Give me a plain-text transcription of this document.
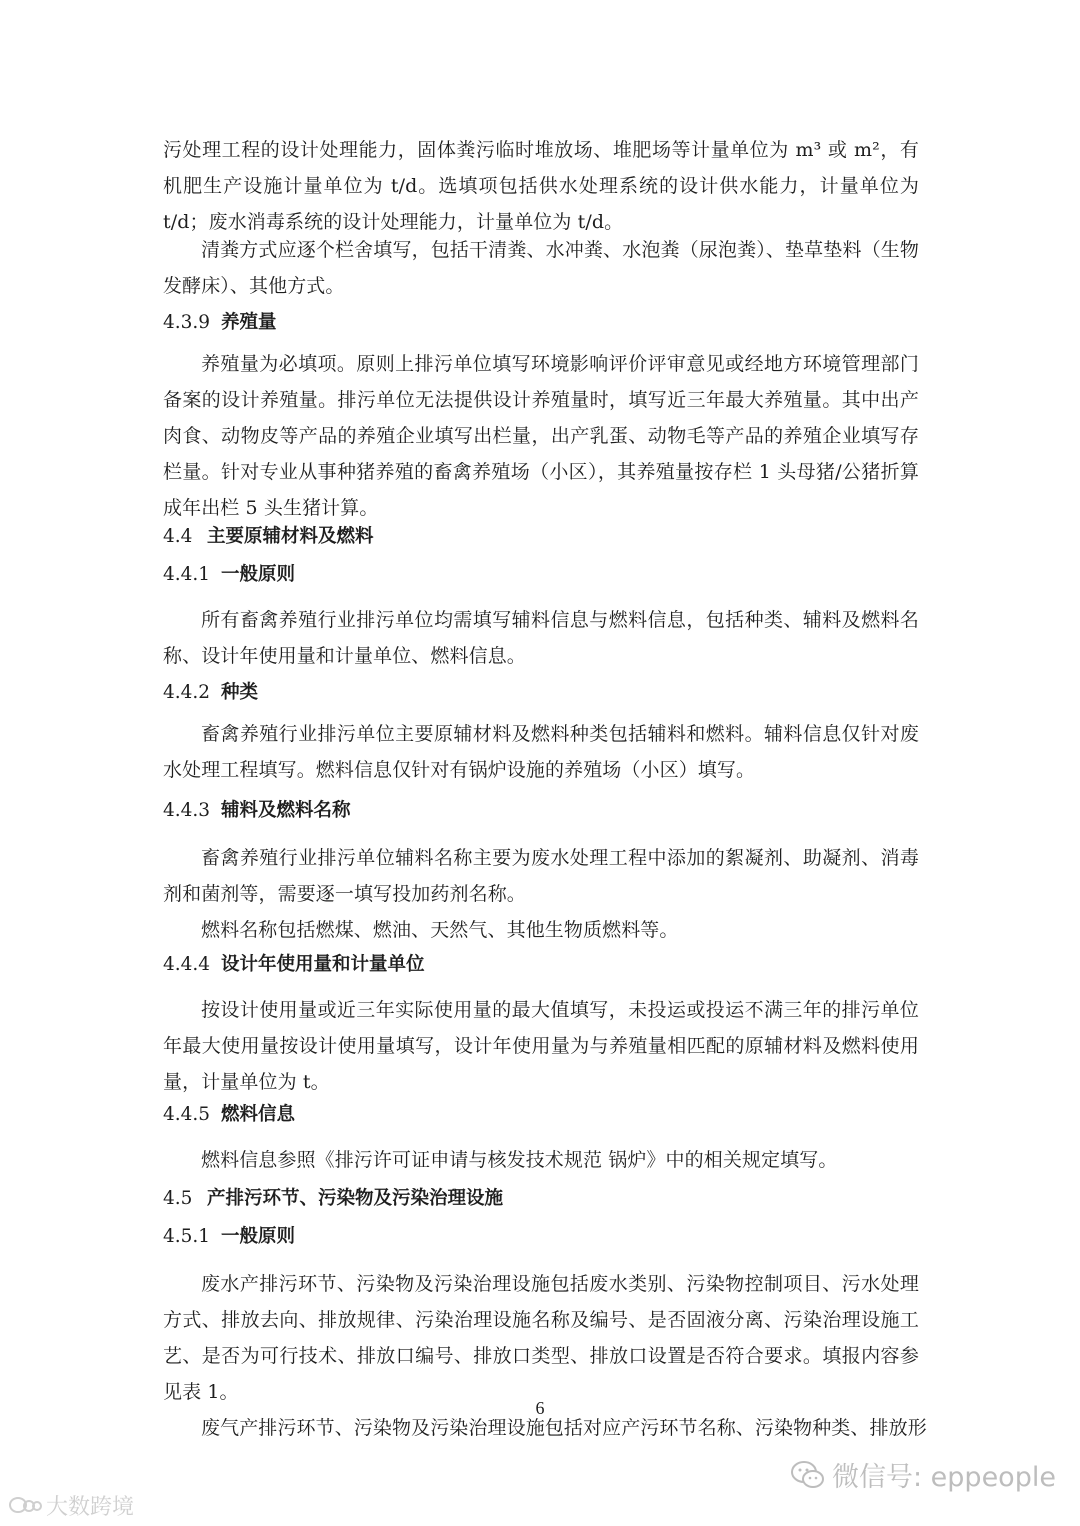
污处理工程的设计处理能力，固体粪污临时堆放场、堆肥场等计量单位为 m³ 或 m²，有机肥生产设施计量单位为 t/d。选填项包括供水处理系统的设计供水能力，计量单位为 t/d；废水消毒系统的设计处理能力，计量单位为 t/d。

清粪方式应逐个栏舍填写，包括干清粪、水冲粪、水泡粪（尿泡粪）、垫草垫料（生物发酵床）、其他方式。

4.3.9 养殖量

养殖量为必填项。原则上排污单位填写环境影响评价评审意见或经地方环境管理部门备案的设计养殖量。排污单位无法提供设计养殖量时，填写近三年最大养殖量。其中出产肉食、动物皮等产品的养殖企业填写出栏量，出产乳蛋、动物毛等产品的养殖企业填写存栏量。针对专业从事种猪养殖的畜禽养殖场（小区），其养殖量按存栏 1 头母猪/公猪折算成年出栏 5 头生猪计算。

4.4 主要原辅材料及燃料

4.4.1 一般原则

所有畜禽养殖行业排污单位均需填写辅料信息与燃料信息，包括种类、辅料及燃料名称、设计年使用量和计量单位、燃料信息。

4.4.2 种类

畜禽养殖行业排污单位主要原辅材料及燃料种类包括辅料和燃料。辅料信息仅针对废水处理工程填写。燃料信息仅针对有锅炉设施的养殖场（小区）填写。

4.4.3 辅料及燃料名称

畜禽养殖行业排污单位辅料名称主要为废水处理工程中添加的絮凝剂、助凝剂、消毒剂和菌剂等，需要逐一填写投加药剂名称。

燃料名称包括燃煤、燃油、天然气、其他生物质燃料等。

4.4.4 设计年使用量和计量单位

按设计使用量或近三年实际使用量的最大值填写，未投运或投运不满三年的排污单位年最大使用量按设计使用量填写，设计年使用量为与养殖量相匹配的原辅材料及燃料使用量，计量单位为 t。

4.4.5 燃料信息

燃料信息参照《排污许可证申请与核发技术规范 锅炉》中的相关规定填写。

4.5 产排污环节、污染物及污染治理设施

4.5.1 一般原则

废水产排污环节、污染物及污染治理设施包括废水类别、污染物控制项目、污水处理方式、排放去向、排放规律、污染治理设施名称及编号、是否固液分离、污染治理设施工艺、是否为可行技术、排放口编号、排放口类型、排放口设置是否符合要求。填报内容参见表 1。

废气产排污环节、污染物及污染治理设施包括对应产污环节名称、污染物种类、排放形

6
大数跨境
微信号: eppeople
